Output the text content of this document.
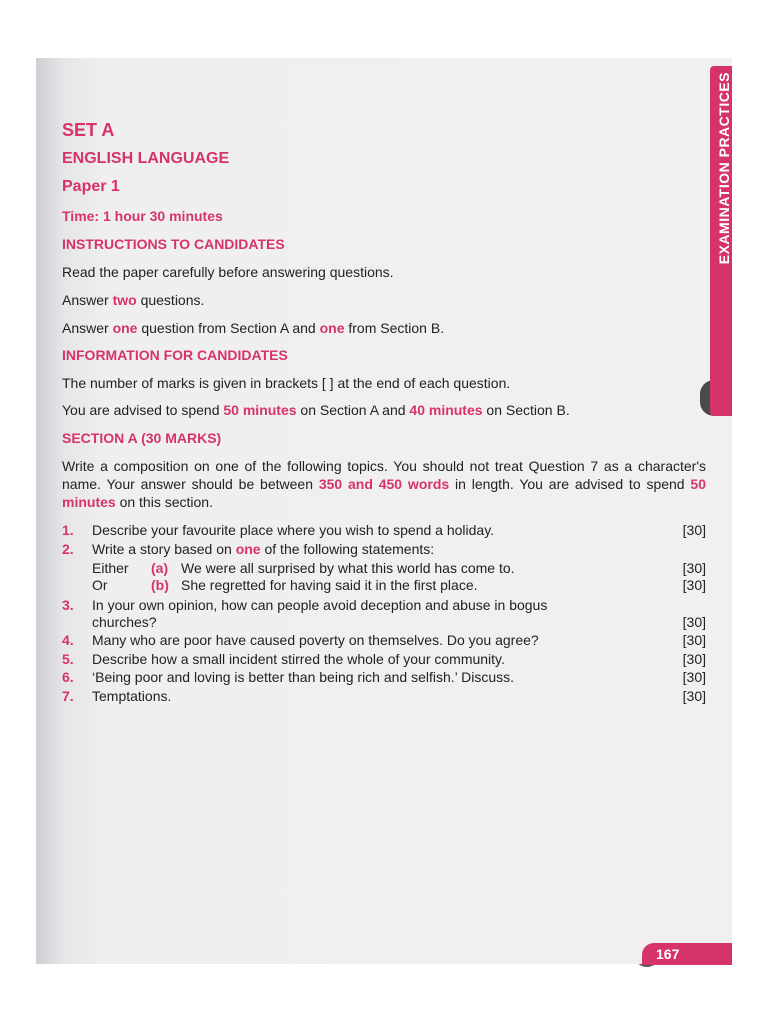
EXAMINATION PRACTICES
SET A
ENGLISH LANGUAGE
Paper 1
Time: 1 hour 30 minutes
INSTRUCTIONS TO CANDIDATES
Read the paper carefully before answering questions.
Answer two questions.
Answer one question from Section A and one from Section B.
INFORMATION FOR CANDIDATES
The number of marks is given in brackets [ ] at the end of each question.
You are advised to spend 50 minutes on Section A and 40 minutes on Section B.
SECTION A (30 MARKS)
Write a composition on one of the following topics. You should not treat Question 7 as a character's name. Your answer should be between 350 and 450 words in length. You are advised to spend 50 minutes on this section.
1. Describe your favourite place where you wish to spend a holiday.	[30]
2. Write a story based on one of the following statements:
Either (a) We were all surprised by what this world has come to.	[30]
Or	(b) She regretted for having said it in the first place.	[30]
3. In your own opinion, how can people avoid deception and abuse in bogus
churches?	[30]
4. Many who are poor have caused poverty on themselves. Do you agree?	[30]
5. Describe how a small incident stirred the whole of your community.	[30]
6. ‘Being poor and loving is better than being rich and selfish.’ Discuss.	[30]
7. Temptations.	[30]
167
